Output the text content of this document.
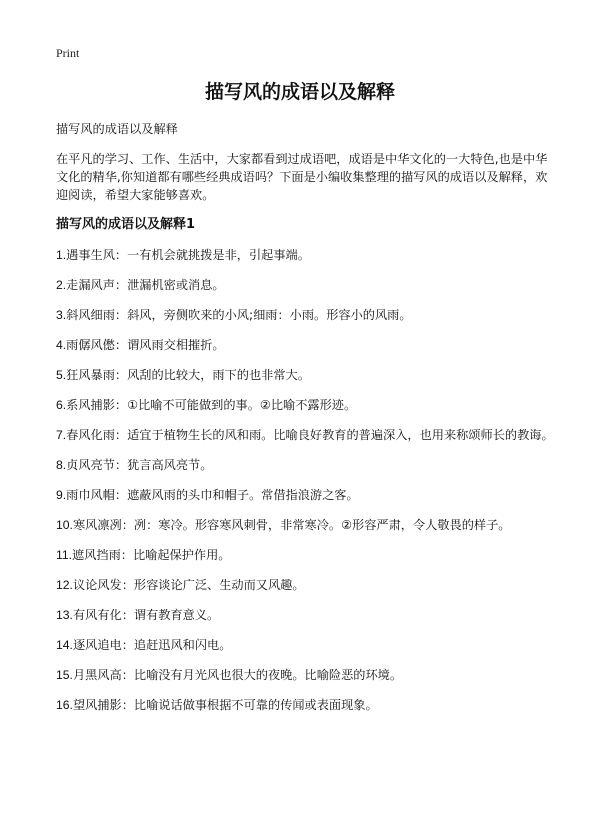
Print
描写风的成语以及解释

描写风的成语以及解释

在平凡的学习、工作、生活中，大家都看到过成语吧，成语是中华文化的一大特色,也是中华文化的精华,你知道都有哪些经典成语吗？下面是小编收集整理的描写风的成语以及解释，欢迎阅读，希望大家能够喜欢。

描写风的成语以及解释1

1.遇事生风：一有机会就挑拨是非，引起事端。

2.走漏风声：泄漏机密或消息。

3.斜风细雨：斜风，旁侧吹来的小风;细雨：小雨。形容小的风雨。

4.雨僝风僽：谓风雨交相摧折。

5.狂风暴雨：风刮的比较大，雨下的也非常大。

6.系风捕影：①比喻不可能做到的事。②比喻不露形迹。

7.春风化雨：适宜于植物生长的风和雨。比喻良好教育的普遍深入，也用来称颂师长的教诲。

8.贞风亮节：犹言高风亮节。

9.雨巾风帽：遮蔽风雨的头巾和帽子。常借指浪游之客。

10.寒风凛冽：冽：寒冷。形容寒风刺骨，非常寒冷。②形容严肃，令人敬畏的样子。

11.遮风挡雨：比喻起保护作用。

12.议论风发：形容谈论广泛、生动而又风趣。

13.有风有化：谓有教育意义。

14.逐风追电：追赶迅风和闪电。

15.月黑风高：比喻没有月光风也很大的夜晚。比喻险恶的环境。

16.望风捕影：比喻说话做事根据不可靠的传闻或表面现象。
